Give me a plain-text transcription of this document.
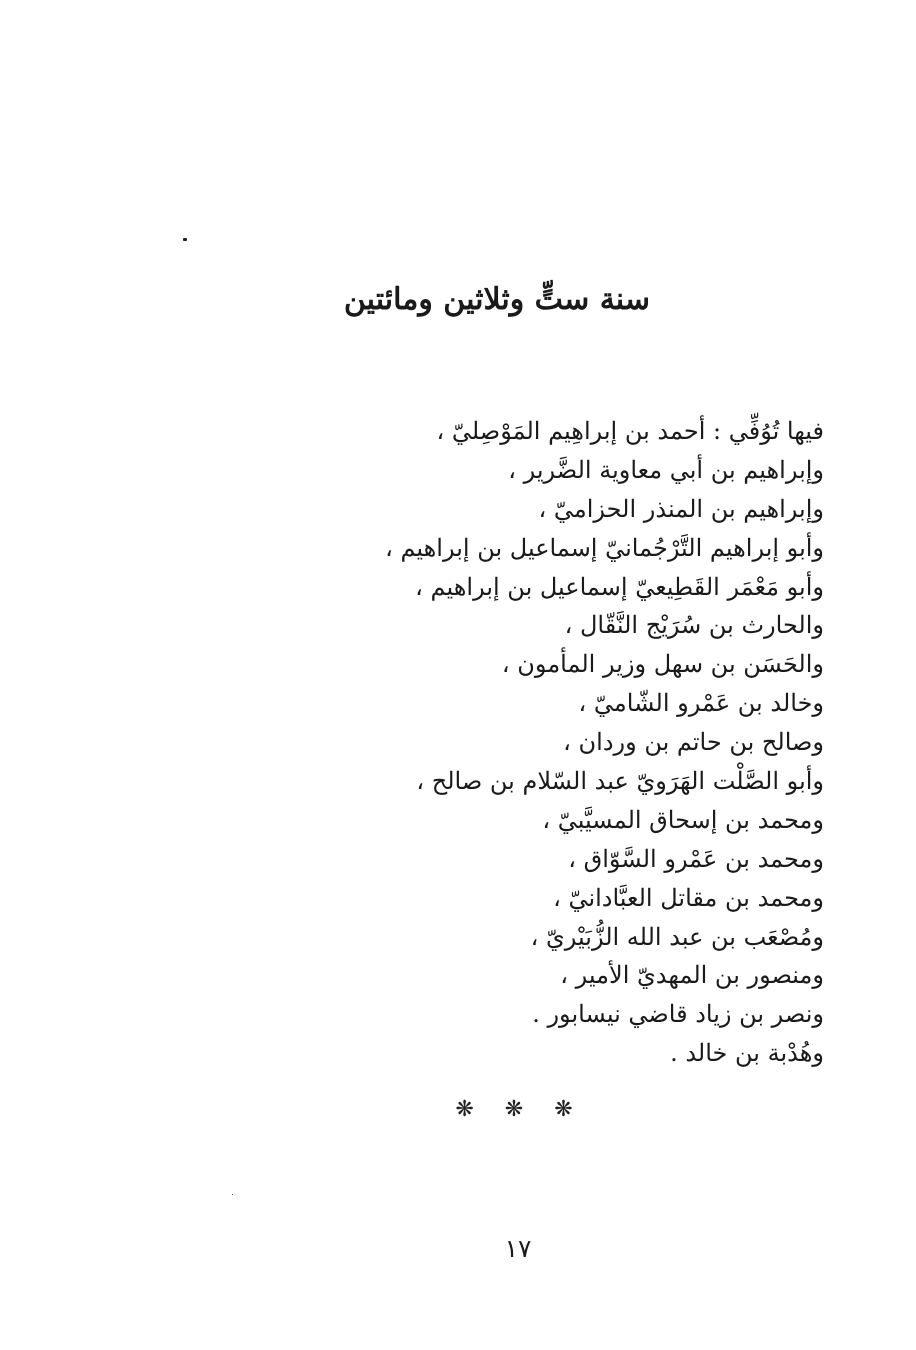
سنة ستٍّ وثلاثين ومائتين
فيها تُوُفِّي : أحمد بن إبراهِيم المَوْصِليّ ،
وإبراهيم بن أبي معاوية الضَّرير ،
وإبراهيم بن المنذر الحزاميّ ،
وأبو إبراهيم التَّرْجُمانيّ إسماعيل بن إبراهيم ،
وأبو مَعْمَر القَطِيعيّ إسماعيل بن إبراهيم ،
والحارث بن سُرَيْج النَّقّال ،
والحَسَن بن سهل وزير المأمون ،
وخالد بن عَمْرو الشّاميّ ،
وصالح بن حاتم بن وردان ،
وأبو الصَّلْت الهَرَويّ عبد السّلام بن صالح ،
ومحمد بن إسحاق المسيَّبيّ ،
ومحمد بن عَمْرو السَّوّاق ،
ومحمد بن مقاتل العبَّادانيّ ،
ومُصْعَب بن عبد الله الزُّبَيْريّ ،
ومنصور بن المهديّ الأمير ،
ونصر بن زياد قاضي نيسابور .
وهُدْبة بن خالد .
❋ ❋ ❋
١٧
